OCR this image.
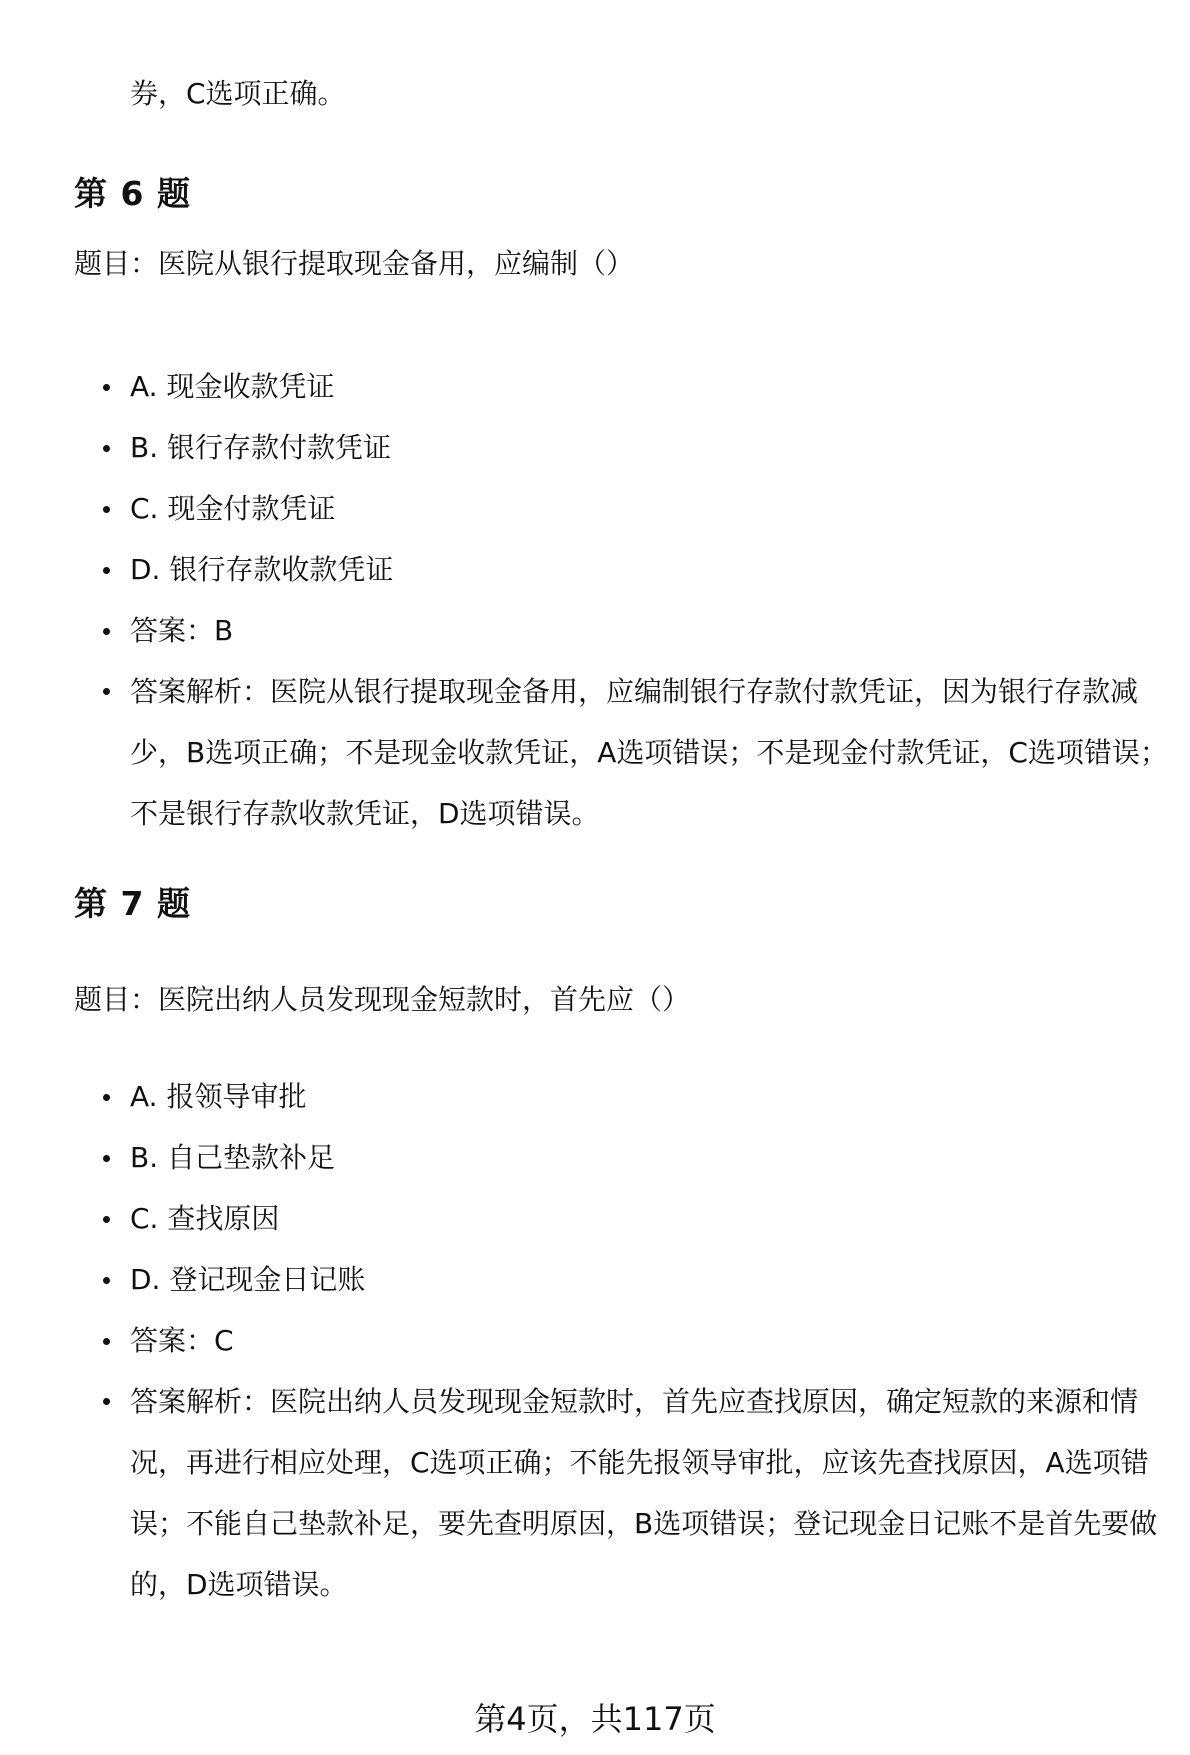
券，C选项正确。
第 6 题
题目：医院从银行提取现金备用，应编制（）
A. 现金收款凭证
B. 银行存款付款凭证
C. 现金付款凭证
D. 银行存款收款凭证
答案：B
答案解析：医院从银行提取现金备用，应编制银行存款付款凭证，因为银行存款减少，B选项正确；不是现金收款凭证，A选项错误；不是现金付款凭证，C选项错误；不是银行存款收款凭证，D选项错误。
第 7 题
题目：医院出纳人员发现现金短款时，首先应（）
A. 报领导审批
B. 自己垫款补足
C. 查找原因
D. 登记现金日记账
答案：C
答案解析：医院出纳人员发现现金短款时，首先应查找原因，确定短款的来源和情况，再进行相应处理，C选项正确；不能先报领导审批，应该先查找原因，A选项错误；不能自己垫款补足，要先查明原因，B选项错误；登记现金日记账不是首先要做的，D选项错误。
第4页，共117页
